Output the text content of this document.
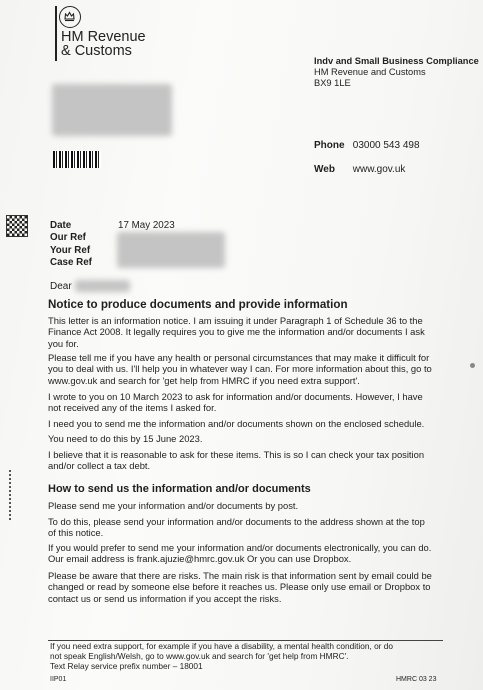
HM Revenue
& Customs
Indv and Small Business Compliance
HM Revenue and Customs
BX9 1LE
Phone 03000 543 498
Web www.gov.uk
Date	17 May 2023
Our Ref
Your Ref
Case Ref
Dear
Notice to produce documents and provide information
This letter is an information notice. I am issuing it under Paragraph 1 of Schedule 36 to the
Finance Act 2008. It legally requires you to give me the information and/or documents I ask
you for.
Please tell me if you have any health or personal circumstances that may make it difficult for
you to deal with us. I'll help you in whatever way I can. For more information about this, go to
www.gov.uk and search for 'get help from HMRC if you need extra support'.
I wrote to you on 10 March 2023 to ask for information and/or documents. However, I have
not received any of the items I asked for.
I need you to send me the information and/or documents shown on the enclosed schedule.
You need to do this by 15 June 2023.
I believe that it is reasonable to ask for these items. This is so I can check your tax position
and/or collect a tax debt.
How to send us the information and/or documents
Please send me your information and/or documents by post.
To do this, please send your information and/or documents to the address shown at the top
of this notice.
If you would prefer to send me your information and/or documents electronically, you can do.
Our email address is frank.ajuzie@hmrc.gov.uk Or you can use Dropbox.
Please be aware that there are risks. The main risk is that information sent by email could be
changed or read by someone else before it reaches us. Please only use email or Dropbox to
contact us or send us information if you accept the risks.
If you need extra support, for example if you have a disability, a mental health condition, or do
not speak English/Welsh, go to www.gov.uk and search for 'get help from HMRC'.
Text Relay service prefix number – 18001
IIP01	HMRC 03 23
